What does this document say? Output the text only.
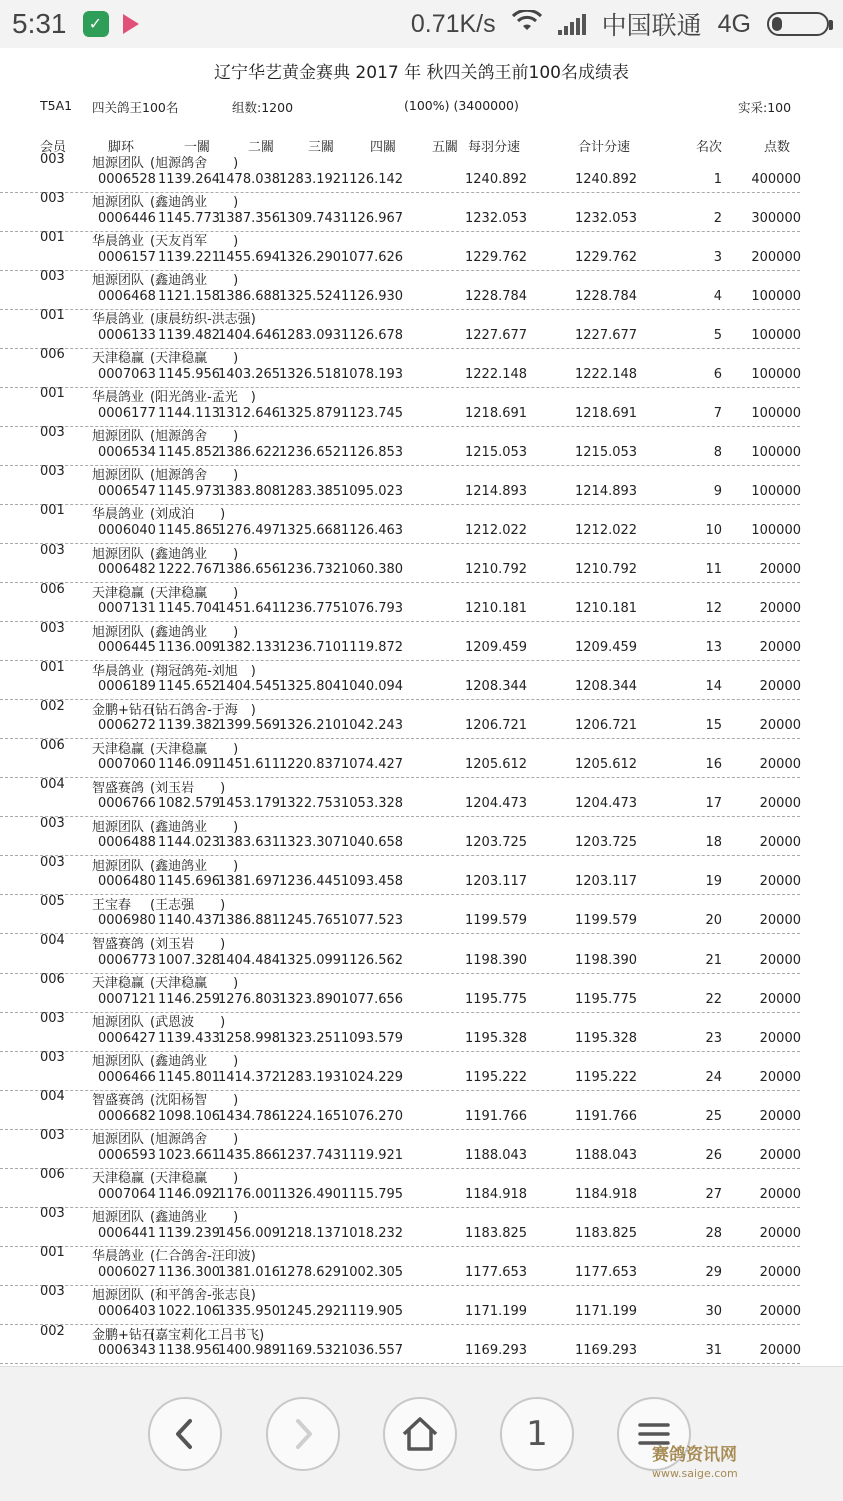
5:31	✓	0.71K/s	中国联通 4G
辽宁华艺黄金赛典 2017 年 秋四关鸽王前100名成绩表
T5A1 四关鸽王100名	组数:1200	(100%) (3400000)	实采:100
会员	脚环	一關	二關	三關	四關	五關 每羽分速	合计分速	名次	点数
003 旭源团队 (旭源鸽舍　　)
0006528 1139.264
1478.038
1283.192 1126.142	1240.892	1240.892	1	400000
003 旭源团队 (鑫迪鸽业　　)
0006446 1145.773
1387.356
1309.743 1126.967	1232.053	1232.053	2	300000
001 华晨鸽业 (天友肖军　　)
0006157 1139.221
1455.694
1326.290 1077.626	1229.762	1229.762	3	200000
003 旭源团队 (鑫迪鸽业　　)
0006468 1121.158
1386.688
1325.524 1126.930	1228.784	1228.784	4	100000
001 华晨鸽业 (康晨纺织-洪志强)
0006133 1139.482
1404.646
1283.093 1126.678	1227.677	1227.677	5	100000
006 天津稳赢 (天津稳赢　　)
0007063 1145.956
1403.265
1326.518 1078.193	1222.148	1222.148	6	100000
001 华晨鸽业 (阳光鸽业-孟光　)
0006177 1144.113
1312.646
1325.879 1123.745	1218.691	1218.691	7	100000
003 旭源团队 (旭源鸽舍　　)
0006534 1145.852
1386.622
1236.652 1126.853	1215.053	1215.053	8	100000
003 旭源团队 (旭源鸽舍　　)
0006547 1145.973
1383.808
1283.385 1095.023	1214.893	1214.893	9	100000
001 华晨鸽业 (刘成泊　　)
0006040 1145.865
1276.497
1325.668 1126.463	1212.022	1212.022	10	100000
003 旭源团队 (鑫迪鸽业　　)
0006482 1222.767
1386.656
1236.732 1060.380	1210.792	1210.792	11	20000
006 天津稳赢 (天津稳赢　　)
0007131 1145.704
1451.641
1236.775 1076.793	1210.181	1210.181	12	20000
003 旭源团队 (鑫迪鸽业　　)
0006445 1136.009
1382.133
1236.710 1119.872	1209.459	1209.459	13	20000
001 华晨鸽业 (翔冠鸽苑-刘旭　)
0006189 1145.652
1404.545
1325.804 1040.094	1208.344	1208.344	14	20000
002 金鹏+钻石
(钻石鸽舍-于海　)
0006272 1139.382
1399.569
1326.210 1042.243	1206.721	1206.721	15	20000
006 天津稳赢 (天津稳赢　　)
0007060 1146.091
1451.611
1220.837 1074.427	1205.612	1205.612	16	20000
004 智盛赛鸽 (刘玉岩　　)
0006766 1082.579
1453.179
1322.753 1053.328	1204.473	1204.473	17	20000
003 旭源团队 (鑫迪鸽业　　)
0006488 1144.023
1383.631
1323.307 1040.658	1203.725	1203.725	18	20000
003 旭源团队 (鑫迪鸽业　　)
0006480 1145.696
1381.697
1236.445 1093.458	1203.117	1203.117	19	20000
005 王宝春 (王志强　　)
0006980 1140.437
1386.881
1245.765 1077.523	1199.579	1199.579	20	20000
004 智盛赛鸽 (刘玉岩　　)
0006773 1007.328
1404.484
1325.099 1126.562	1198.390	1198.390	21	20000
006 天津稳赢 (天津稳赢　　)
0007121 1146.259
1276.803
1323.890 1077.656	1195.775	1195.775	22	20000
003 旭源团队 (武恩波　　)
0006427 1139.433
1258.998
1323.251 1093.579	1195.328	1195.328	23	20000
003 旭源团队 (鑫迪鸽业　　)
0006466 1145.801
1414.372
1283.193 1024.229	1195.222	1195.222	24	20000
004 智盛赛鸽 (沈阳杨智　　)
0006682 1098.106
1434.786
1224.165 1076.270	1191.766	1191.766	25	20000
003 旭源团队 (旭源鸽舍　　)
0006593 1023.661
1435.866
1237.743 1119.921	1188.043	1188.043	26	20000
006 天津稳赢 (天津稳赢　　)
0007064 1146.092
1176.001
1326.490 1115.795	1184.918	1184.918	27	20000
003 旭源团队 (鑫迪鸽业　　)
0006441 1139.239
1456.009
1218.137 1018.232	1183.825	1183.825	28	20000
001 华晨鸽业 (仁合鸽舍-汪印波)
0006027 1136.300
1381.016
1278.629 1002.305	1177.653	1177.653	29	20000
003 旭源团队 (和平鸽舍-张志良)
0006403 1022.106
1335.950
1245.292 1119.905	1171.199	1171.199	30	20000
002 金鹏+钻石
(嘉宝莉化工吕书飞)
0006343 1138.956
1400.989
1169.532 1036.557	1169.293	1169.293	31	20000
1
赛鸽资讯网
www.saige.com
